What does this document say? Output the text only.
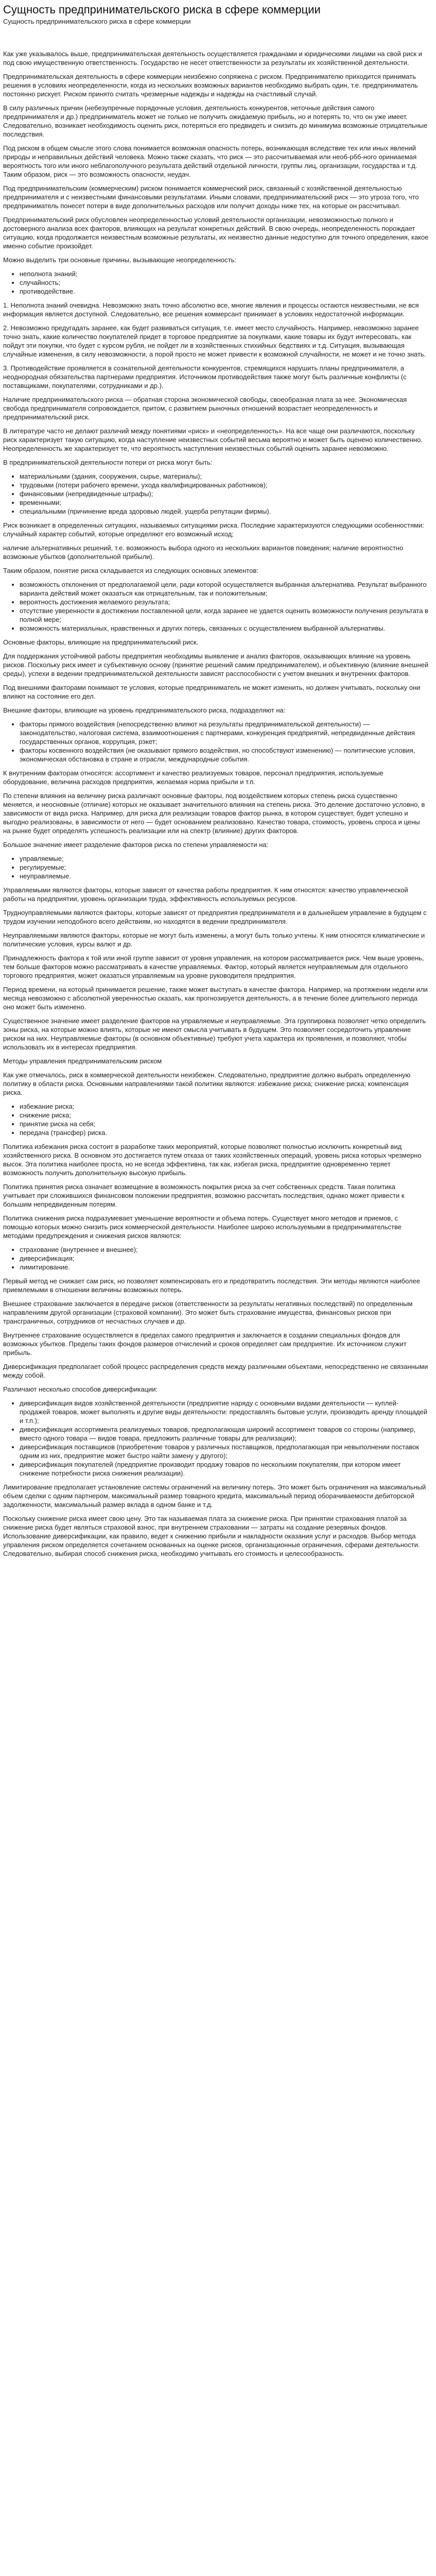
Сущность предпринимательского риска в сфере коммерции
Сущность предпринимательского риска в сфере коммерции

Как уже указывалось выше, предпринимательская деятельность осуществляется гражданами и юридическими лицами на свой риск и под свою имущественную ответственность. Государство не несет ответственности за результаты их хозяйственной деятельности.

Предпринимательская деятельность в сфере коммерции неизбежно сопряжена с риском. Предпринимателю приходится принимать решения в условиях неопределенности, когда из нескольких возможных вариантов необходимо выбрать один, т.е. предприниматель постоянно рискует. Риском принято считать чрезмерные надежды и надежды на счастливый случай.

В силу различных причин (небезупречные порядочные условия, деятельность конкурентов, неточные действия самого предпринимателя и др.) предприниматель может не только не получить ожидаемую прибыль, но и потерять то, что он уже имеет. Следовательно, возникает необходимость оценить риск, потеряться его предвидеть и снизить до минимума возможные отрицательные последствия.

Под риском в общем смысле этого слова понимается возможная опасность потерь, возникающая вследствие тех или иных явлений природы и неправильных действий человека. Можно также сказать, что риск — это рассчитываемая или необ-рбб-ного ориниаемая вероятность того или иного неблагополучного результата действий отдельной личности, группы лиц, организации, государства и т.д. Таким образом, риск — это возможность опасности, неудач.

Под предпринимательским (коммерческим) риском понимается коммерческий риск, связанный с хозяйственной деятельностью предпринимателя и с неизвестными финансовыми результатами. Иными словами, предпринимательский риск — это угроза того, что предприниматель понесет потери в виде дополнительных расходов или получит доходы ниже тех, на которые он рассчитывал.

Предпринимательский риск обусловлен неопределенностью условий деятельности организации, невозможностью полного и достоверного анализа всех факторов, влияющих на результат конкретных действий. В свою очередь, неопределенность порождает ситуацию, когда продолжается неизвестным возможные результаты, их неизвестно данные недоступно для точного определения, какое именно событие произойдет.

Можно выделить три основные причины, вызывающие неопределенность:

• неполнота знаний;
• случайность;
• противодействие.

1. Неполнота знаний очевидна. Невозможно знать точно абсолютно все, многие явления и процессы остаются неизвестными, не вся информация является доступной. Следовательно, все решения коммерсант принимает в условиях недостаточной информации.

2. Невозможно предугадать заранее, как будет развиваться ситуация, т.е. имеет место случайность. Например, невозможно заранее точно знать, какие количество покупателей придет в торговое предприятие за покупками, какие товары их будут интересовать, как пойдут эти покупки, что будет с курсом рубля, не пойдет ли в хозяйственных стихийных бедствиях и т.д. Ситуация, вызывающая случайные изменения, в силу невозможности, а порой просто не может привести к возможной случайности, не может и не точно знать.

3. Противодействие проявляется в сознательной деятельности конкурентов, стремящихся нарушить планы предпринимателя, а неоднородная обязательства партнерами предприятия. Источником противодействия также могут быть различные конфликты (с поставщиками, покупателями, сотрудниками и др.).

Наличие предпринимательского риска — обратная сторона экономической свободы, своеобразная плата за нее. Экономическая свобода предпринимателя сопровождается, притом, с развитием рыночных отношений возрастает неопределенность и предпринимательский риск.

В литературе часто не делают различий между понятиями «риск» и «неопределенность». На все чаще они различаются, поскольку риск характеризует такую ситуацию, когда наступление неизвестных событий весьма вероятно и может быть оценено количественно. Неопределенность же характеризует те, что вероятность наступления неизвестных событий оценить заранее невозможно.

В предпринимательской деятельности потери от риска могут быть:

• материальными (здания, сооружения, сырье, материалы);
• трудовыми (потери рабочего времени, ухода квалифицированных работников);
• финансовыми (непредвиденные штрафы);
• временными;
• специальными (причинение вреда здоровью людей, ущерба репутации фирмы).

Риск возникает в определенных ситуациях, называемых ситуациями риска. Последние характеризуются следующими особенностями: случайный характер событий, которые определяют его возможный исход;

наличие альтернативных решений, т.е. возможность выбора одного из нескольких вариантов поведения; наличие вероятностно возможные убытков (дополнительной прибыли).

Таким образом, понятие риска складывается из следующих основных элементов:

• возможность отклонения от предполагаемой цели, ради которой осуществляется выбранная альтернатива. Результат выбранного варианта действий может оказаться как отрицательным, так и положительным;
• вероятность достижения желаемого результата;
• отсутствие уверенности в достижении поставленной цели, когда заранее не удается оценить возможности получения результата в полной мере;
• возможность материальных, нравственных и других потерь, связанных с осуществлением выбранной альтернативы.

Основные факторы, влияющие на предпринимательский риск.

Для поддержания устойчивой работы предприятия необходимы выявление и анализ факторов, оказывающих влияние на уровень рисков. Поскольку риск имеет и субъективную основу (принятие решений самим предпринимателем), и объективную (влияние внешней среды), успехи в ведении предпринимательской деятельности зависят расспособности с учетом внешних и внутренних факторов.

Под внешними факторами понимают те условия, которые предприниматель не может изменить, но должен учитывать, поскольку они влияют на состояние его дел.

Внешние факторы, влияющие на уровень предпринимательского риска, подразделяют на:

• факторы прямого воздействия (непосредственно влияют на результаты предпринимательской деятельности) — законодательство, налоговая система, взаимоотношения с партнерами, конкуренция предприятий, непредвиденные действия государственных органов, коррупция, рэкет;
• факторы косвенного воздействия (не оказывают прямого воздействия, но способствуют изменению) — политические условия, экономическая обстановка в стране и отрасли, международные события.

К внутренним факторам относятся: ассортимент и качество реализуемых товаров, персонал предприятия, используемые оборудование, величина расходов предприятия, желаемая норма прибыли и т.п.

По степени влияния на величину риска различают основные факторы, под воздействием которых степень риска существенно меняется, и неосновные (отличие) которых не оказывает значительного влияния на степень риска. Это деление достаточно условно, в зависимости от вида риска. Например, для риска для реализации товаров фактор рынка, в котором существует, будет успешно и выгодно реализованы, в зависимости от него — будет основанием реализовано. Качество товара, стоимость, уровень спроса и цены на рынке будет определять успешность реализации или на спектр (влияние) других факторов.

Большое значение имеет разделение факторов риска по степени управляемости на:

• управляемые;
• регулируемые;
• неуправляемые.

Управляемыми являются факторы, которые зависят от качества работы предприятия. К ним относятся: качество управленческой работы на предприятии, уровень организации труда, эффективность используемых ресурсов.

Трудноуправляемыми являются факторы, которые зависят от предприятия предпринимателя и в дальнейшем управление в будущем с трудом изучении неподобного всего действиям, но находятся в ведении предпринимателя.

Неуправляемыми являются факторы, которые не могут быть изменены, а могут быть только учтены. К ним относятся климатические и политические условия, курсы валют и др.

Принадлежность фактора к той или иной группе зависит от уровня управления, на котором рассматривается риск. Чем выше уровень, тем больше факторов можно рассматривать в качестве управляемых. Фактор, который является неуправляемым для отдельного торгового предприятия, может оказаться управляемым на уровне руководителя предприятия.

Период времени, на который принимается решение, также может выступать в качестве фактора. Например, на протяжении недели или месяца невозможно с абсолютной уверенностью сказать, как прогнозируется деятельность, а в течение более длительного периода оно может быть изменено.

Существенное значение имеет разделение факторов на управляемые и неуправляемые. Эта группировка позволяет четко определить зоны риска, на которые можно влиять, которые не имеют смысла учитывать в будущем. Это позволяет сосредоточить управление риском на них. Неуправляемые факторы (в основном объективные) требуют учета характера их проявления, и позволяют, чтобы использовать их в интересах предприятия.

Методы управления предпринимательским риском

Как уже отмечалось, риск в коммерческой деятельности неизбежен. Следовательно, предприятие должно выбрать определенную политику в области риска. Основными направлениями такой политики являются: избежание риска; снижение риска; компенсация риска.

• избежание риска;
• снижение риска;
• принятие риска на себя;
• передача (трансфер) риска.

Политика избежания риска состоит в разработке таких мероприятий, которые позволяют полностью исключить конкретный вид хозяйственного риска. В основном это достигается путем отказа от таких хозяйственных операций, уровень риска которых чрезмерно высок. Эта политика наиболее проста, но не всегда эффективна, так как, избегая риска, предприятие одновременно теряет возможность получить дополнительную высокую прибыль.

Политика принятия риска означает возмещение в возможность покрытия риска за счет собственных средств. Такая политика учитывает при сложившихся финансовом положении предприятия, возможно рассчитать последствия, однако может привести к большим непредвиденным потерям.

Политика снижения риска подразумевает уменьшение вероятности и объема потерь. Существует много методов и приемов, с помощью которых можно снизить риск коммерческой деятельности. Наиболее широко используемыми в предпринимательстве методами предупреждения и снижения рисков являются:

• страхование (внутреннее и внешнее);
• диверсификация;
• лимитирование.

Первый метод не снижает сам риск, но позволяет компенсировать его и предотвратить последствия. Эти методы являются наиболее приемлемыми в отношении величины возможных потерь.

Внешнее страхование заключается в передаче рисков (ответственности за результаты негативных последствий) по определенным направлениям другой организации (страховой компании). Это может быть страхование имущества, финансовых рисков при трансграничных, сотрудников от несчастных случаев и др.

Внутреннее страхование осуществляется в пределах самого предприятия и заключается в создании специальных фондов для возможных убытков. Пределы таких фондов размеров отчислений и сроков определяет сам предприятие. Их источником служит прибыль.

Диверсификация предполагает собой процесс распределения средств между различными объектами, непосредственно не связанными между собой.

Различают несколько способов диверсификации:

• диверсификация видов хозяйственной деятельности (предприятие наряду с основными видами деятельности — куплей-продажей товаров, может выполнять и другие виды деятельности: предоставлять бытовые услуги, производить аренду площадей и т.п.);
• диверсификация ассортимента реализуемых товаров, предполагающая широкий ассортимент товаров со стороны (например, вместо одного товара — видов товара, предложить различные товары для реализации);
• диверсификация поставщиков (приобретение товаров у различных поставщиков, предполагающая при невыполнении поставок одним из них, предприятие может быстро найти замену у другого);
• диверсификация покупателей (предприятие производит продажу товаров по нескольким покупателям, при котором имеет снижение потребности риска снижения реализации).

Лимитирование предполагает установление системы ограничений на величину потерь. Это может быть ограничения на максимальный объем сделки с одним партнером, максимальный размер товарного кредита, максимальный период оборачиваемости дебиторской задолженности, максимальный размер вклада в одном банке и т.д.

Поскольку снижение риска имеет свою цену. Это так называемая плата за снижение риска. При принятии страхования платой за снижение риска будет являться страховой взнос, при внутреннем страховании — затраты на создание резервных фондов. Использование диверсификации, как правило, ведет к снижению прибыли и накладности оказания услуг и расходов. Выбор метода управления риском определяется сочетанием основанных на оценке рисков, организационные ограничения, сферами деятельности. Следовательно, выбирая способ снижения риска, необходимо учитывать его стоимость и целесообразность.
